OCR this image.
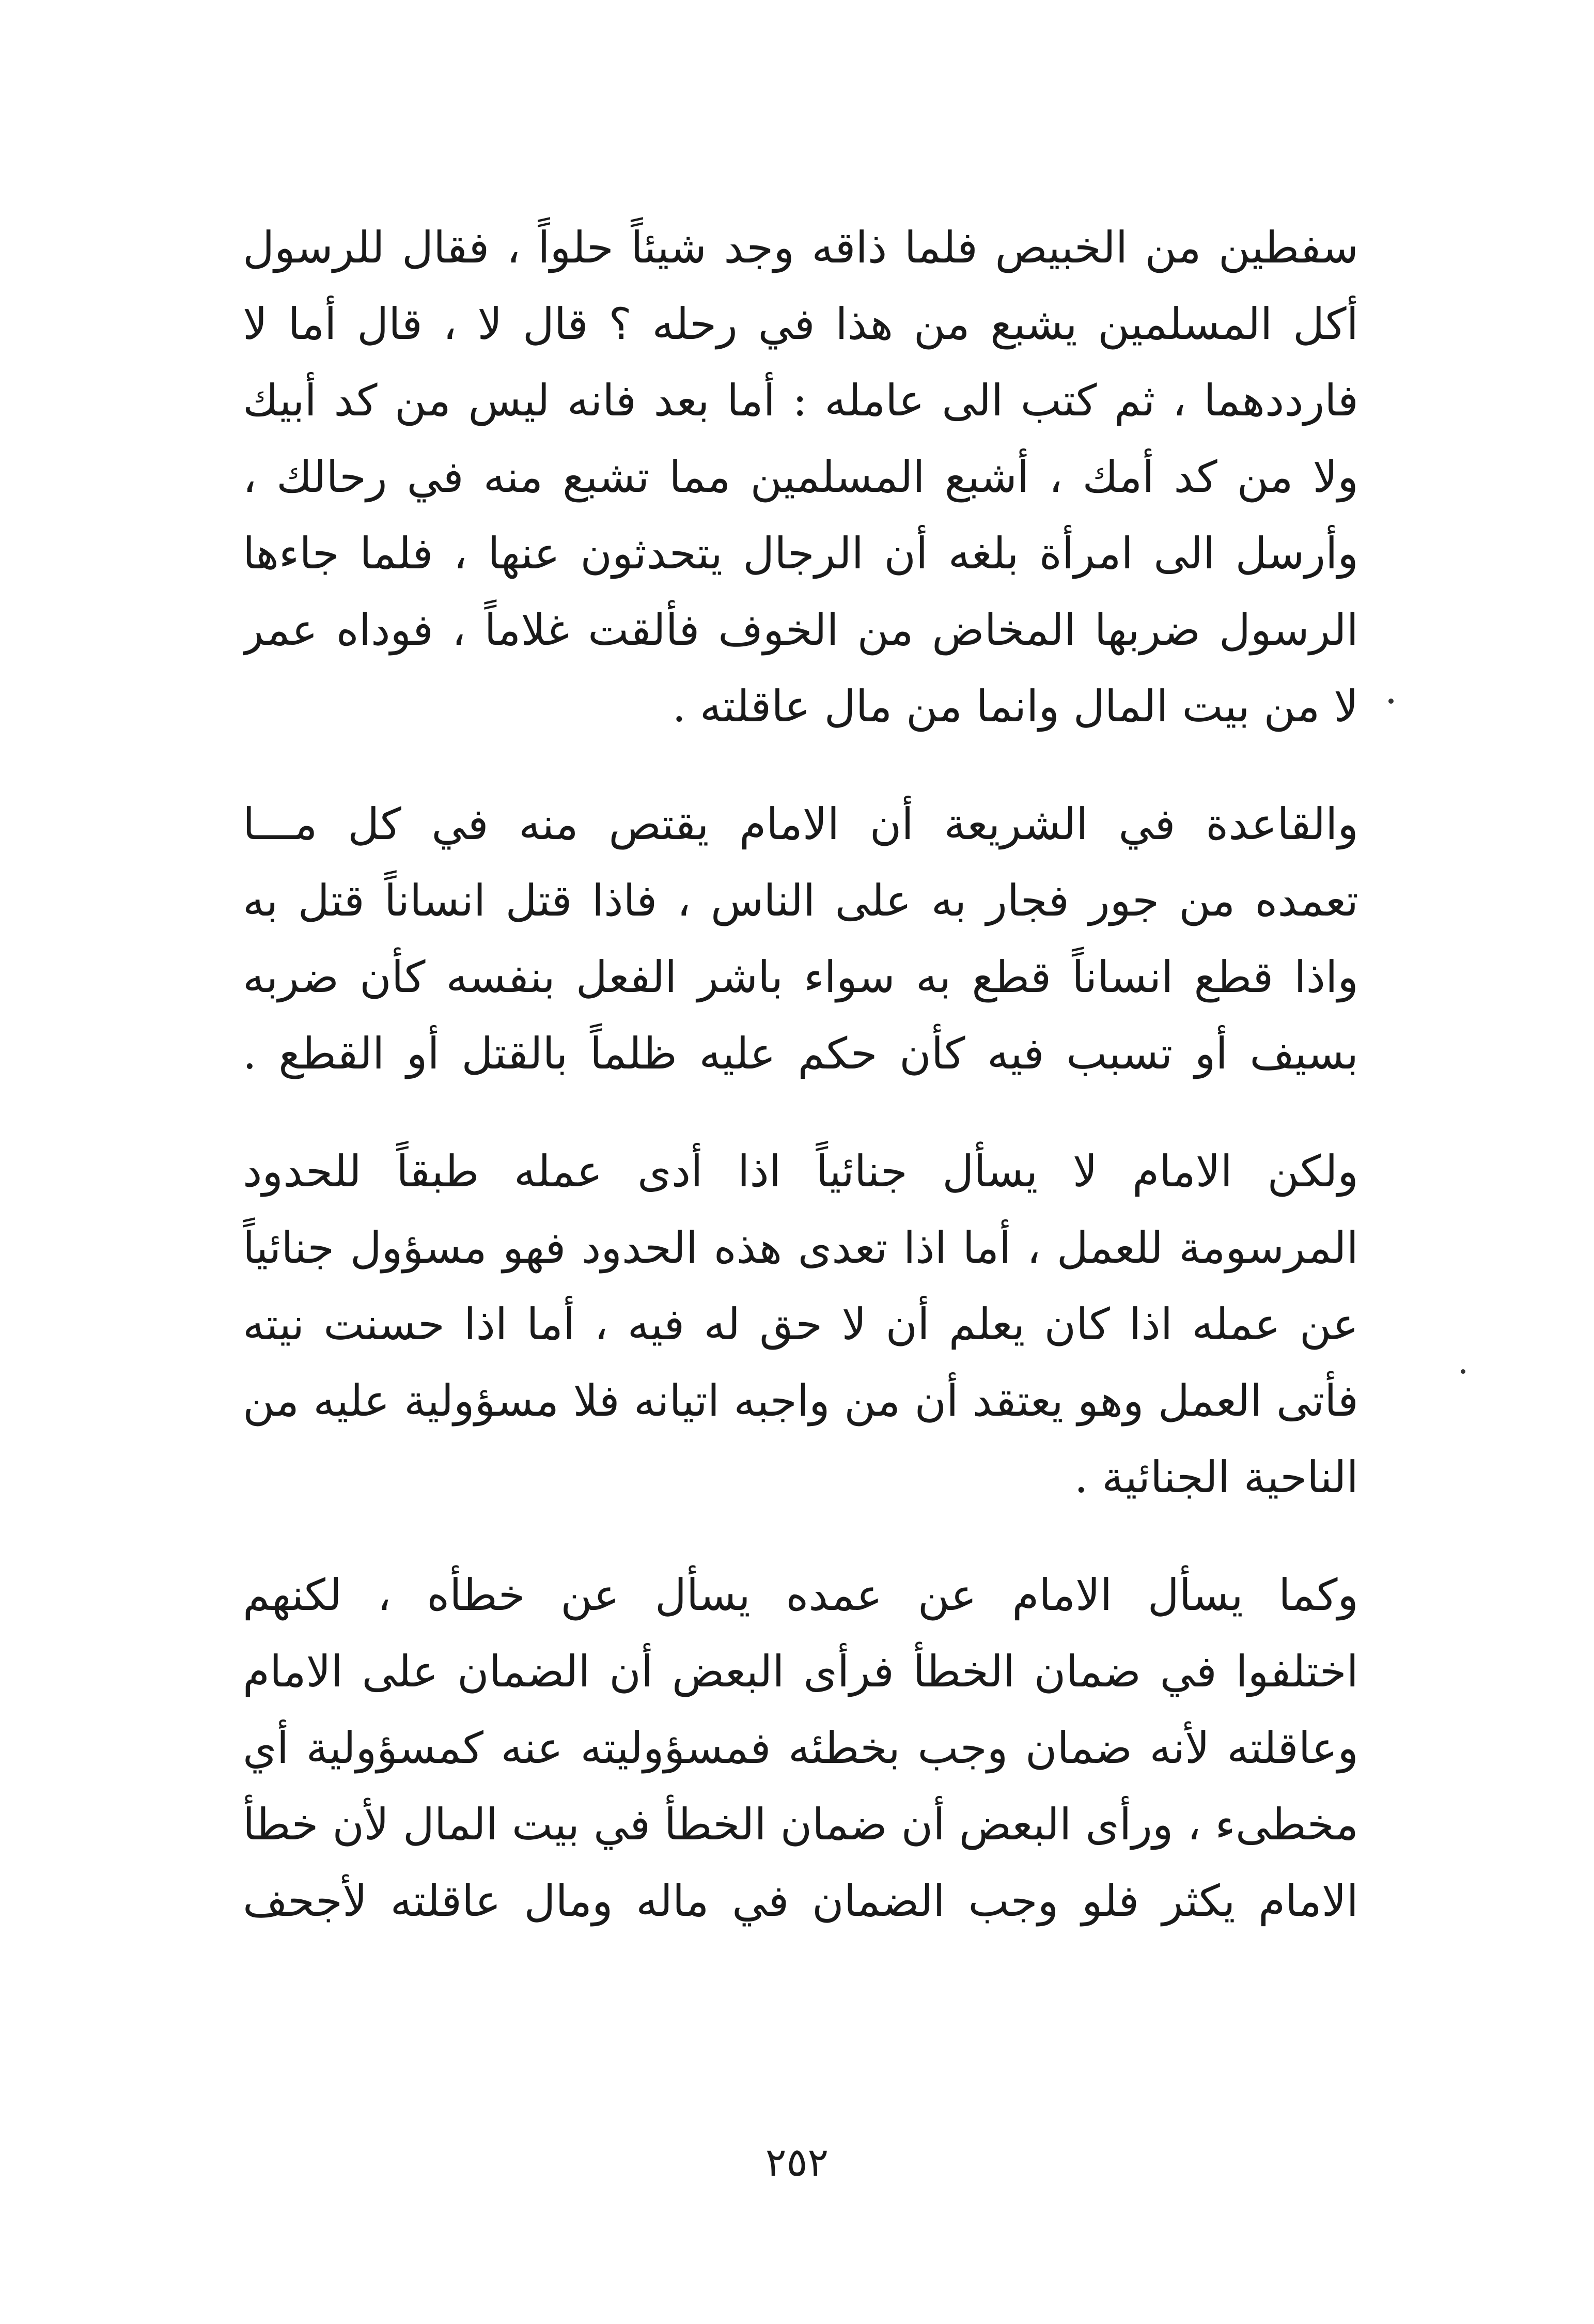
سفطين من الخبيص فلما ذاقه وجد شيئاً حلواً ، فقال للرسول
أكل المسلمين يشبع من هذا في رحله ؟ قال لا ، قال أما لا
فارددهما ، ثم كتب الى عامله : أما بعد فانه ليس من كد أبيك
ولا من كد أمك ، أشبع المسلمين مما تشبع منه في رحالك ،
وأرسل الى امرأة بلغه أن الرجال يتحدثون عنها ، فلما جاءها
الرسول ضربها المخاض من الخوف فألقت غلاماً ، فوداه عمر
لا من بيت المال وانما من مال عاقلته .
والقاعدة في الشريعة أن الامام يقتص منه في كل مـــا
تعمده من جور فجار به على الناس ، فاذا قتل انساناً قتل به
واذا قطع انساناً قطع به سواء باشر الفعل بنفسه كأن ضربه
بسيف أو تسبب فيه كأن حكم عليه ظلماً بالقتل أو القطع .
ولكن الامام لا يسأل جنائياً اذا أدى عمله طبقاً للحدود
المرسومة للعمل ، أما اذا تعدى هذه الحدود فهو مسؤول جنائياً
عن عمله اذا كان يعلم أن لا حق له فيه ، أما اذا حسنت نيته
فأتى العمل وهو يعتقد أن من واجبه اتيانه فلا مسؤولية عليه من
الناحية الجنائية .
وكما يسأل الامام عن عمده يسأل عن خطأه ، لكنهم
اختلفوا في ضمان الخطأ فرأى البعض أن الضمان على الامام
وعاقلته لأنه ضمان وجب بخطئه فمسؤوليته عنه كمسؤولية أي
مخطىء ، ورأى البعض أن ضمان الخطأ في بيت المال لأن خطأ
الامام يكثر فلو وجب الضمان في ماله ومال عاقلته لأجحف
٢٥٢
